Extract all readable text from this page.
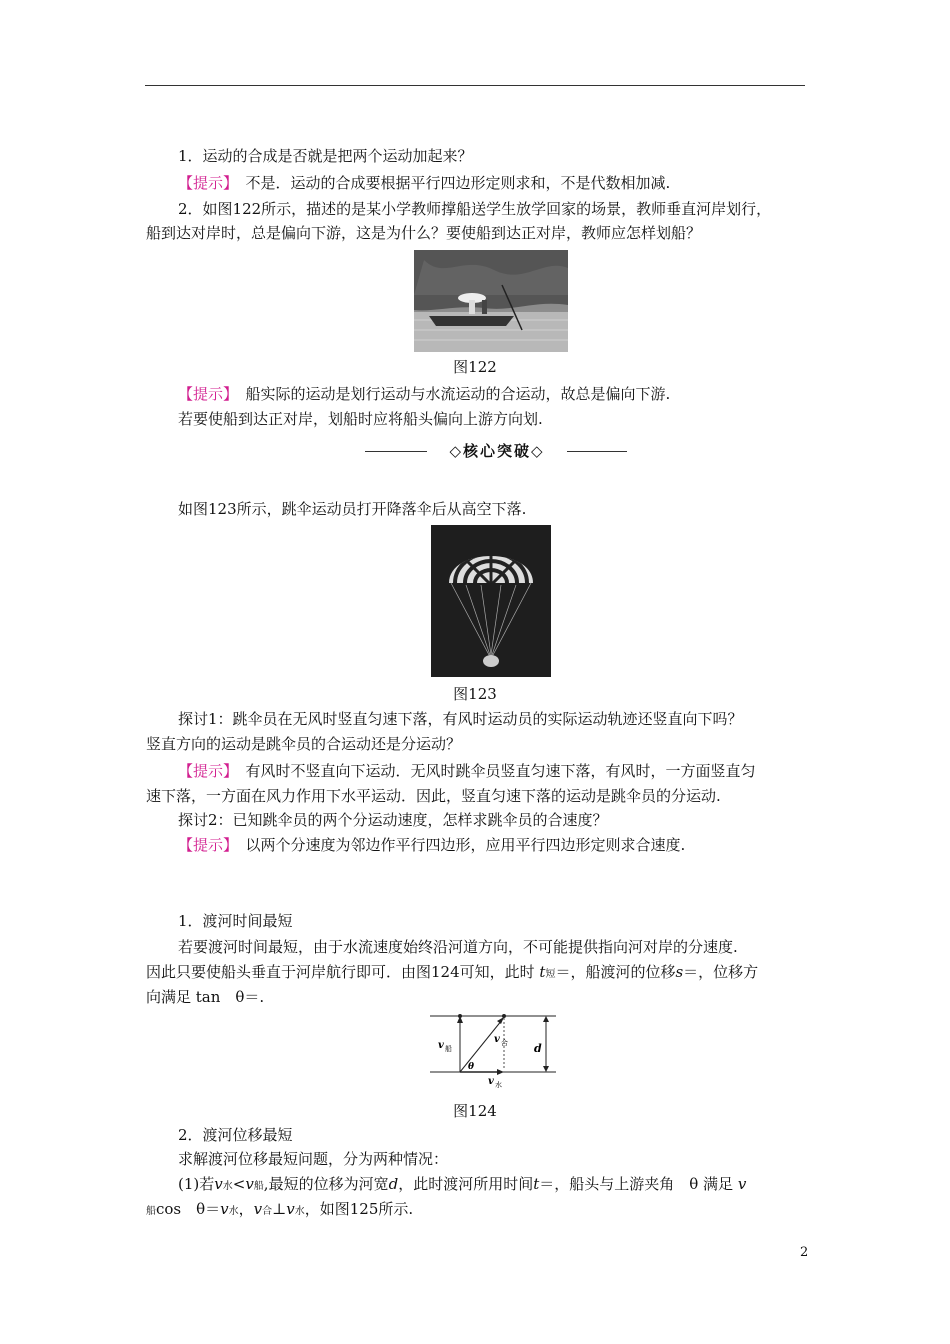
1．运动的合成是否就是把两个运动加起来？
【提示】　 不是．运动的合成要根据平行四边形定则求和，不是代数相加减.
2．如图122所示，描述的是某小学教师撑船送学生放学回家的场景，教师垂直河岸划行，
船到达对岸时，总是偏向下游，这是为什么？要使船到达正对岸，教师应怎样划船？
图122
【提示】　 船实际的运动是划行运动与水流运动的合运动，故总是偏向下游.
若要使船到达正对岸，划船时应将船头偏向上游方向划.
◇核心突破◇
如图123所示，跳伞运动员打开降落伞后从高空下落.
图123
探讨1：跳伞员在无风时竖直匀速下落，有风时运动员的实际运动轨迹还竖直向下吗？
竖直方向的运动是跳伞员的合运动还是分运动？
【提示】　 有风时不竖直向下运动．无风时跳伞员竖直匀速下落，有风时，一方面竖直匀
速下落，一方面在风力作用下水平运动．因此，竖直匀速下落的运动是跳伞员的分运动.
探讨2：已知跳伞员的两个分运动速度，怎样求跳伞员的合速度？
【提示】　 以两个分速度为邻边作平行四边形，应用平行四边形定则求合速度.
1．渡河时间最短
若要渡河时间最短，由于水流速度始终沿河道方向，不可能提供指向河对岸的分速度.
因此只要使船头垂直于河岸航行即可．由图124可知，此时 t短＝，船渡河的位移s＝，位移方
向满足 tan　θ＝.
v 船
v 合 d
θ
v 水
图124
2．渡河位移最短
求解渡河位移最短问题，分为两种情况：
(1)若v水<v船,最短的位移为河宽d，此时渡河所用时间t＝，船头与上游夹角　θ 满足 v
船cos　θ＝v水，v合⊥v水，如图125所示.
2
